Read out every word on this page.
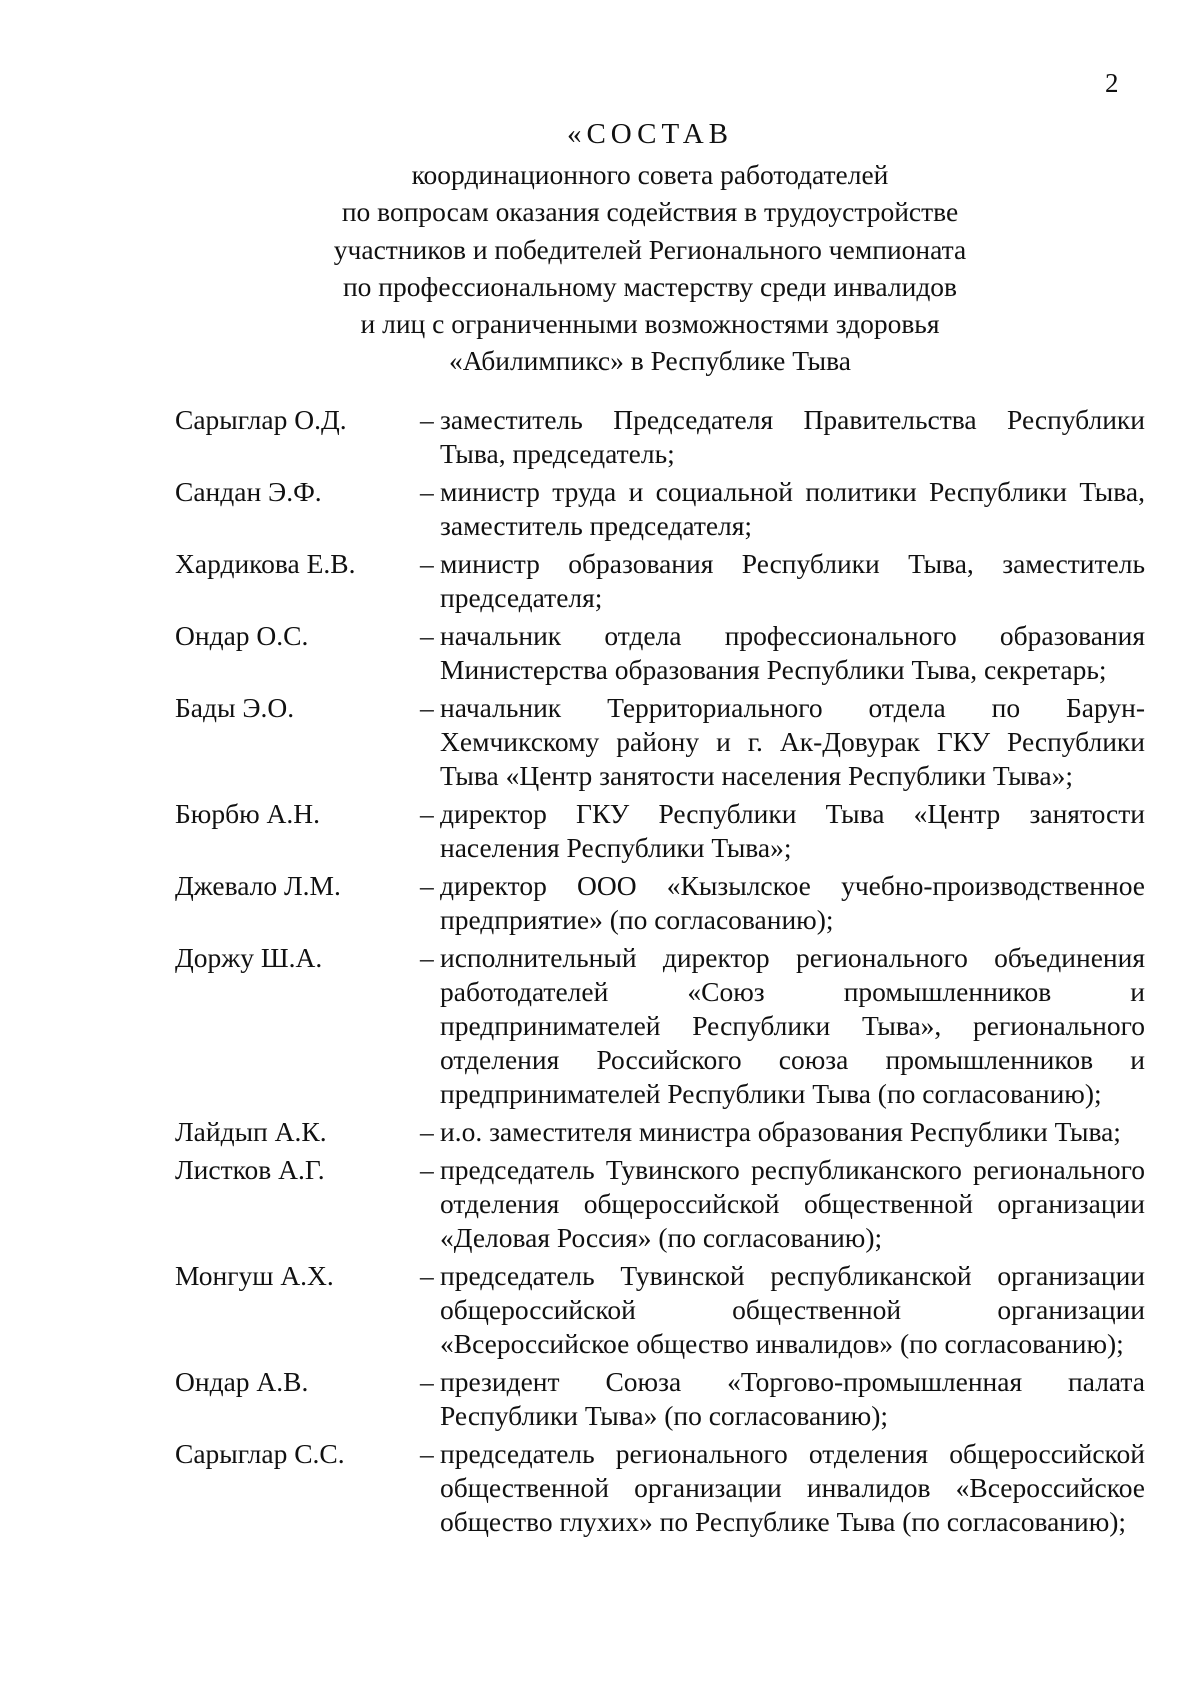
2
«СОСТАВ
координационного совета работодателей
по вопросам оказания содействия в трудоустройстве
участников и победителей Регионального чемпионата
по профессиональному мастерству среди инвалидов
и лиц с ограниченными возможностями здоровья
«Абилимпикс» в Республике Тыва
Сарыглар О.Д.	– заместитель Председателя Правительства Республики Тыва, председатель;
Сандан Э.Ф.	– министр труда и социальной политики Республики Тыва, заместитель председателя;
Хардикова Е.В.	– министр образования Республики Тыва, заместитель председателя;
Ондар О.С.	– начальник отдела профессионального образования Министерства образования Республики Тыва, секретарь;
Бады Э.О.	– начальник Территориального отдела по Барун-Хемчикскому району и г. Ак-Довурак ГКУ Республики Тыва «Центр занятости населения Республики Тыва»;
Бюрбю А.Н.	– директор ГКУ Республики Тыва «Центр занятости населения Республики Тыва»;
Джевало Л.М.	– директор ООО «Кызылское учебно-производственное предприятие» (по согласованию);
Доржу Ш.А.	– исполнительный директор регионального объединения работодателей «Союз промышленников и предпринимателей Республики Тыва», регионального отделения Российского союза промышленников и предпринимателей Республики Тыва (по согласованию);
Лайдып А.К.	– и.о. заместителя министра образования Республики Тыва;
Листков А.Г.	– председатель Тувинского республиканского регионального отделения общероссийской общественной организации «Деловая Россия» (по согласованию);
Монгуш А.Х.	– председатель Тувинской республиканской организации общероссийской общественной организации «Всероссийское общество инвалидов» (по согласованию);
Ондар А.В.	– президент Союза «Торгово-промышленная палата Республики Тыва» (по согласованию);
Сарыглар С.С.	– председатель регионального отделения общероссийской общественной организации инвалидов «Всероссийское общество глухих» по Республике Тыва (по согласованию);
